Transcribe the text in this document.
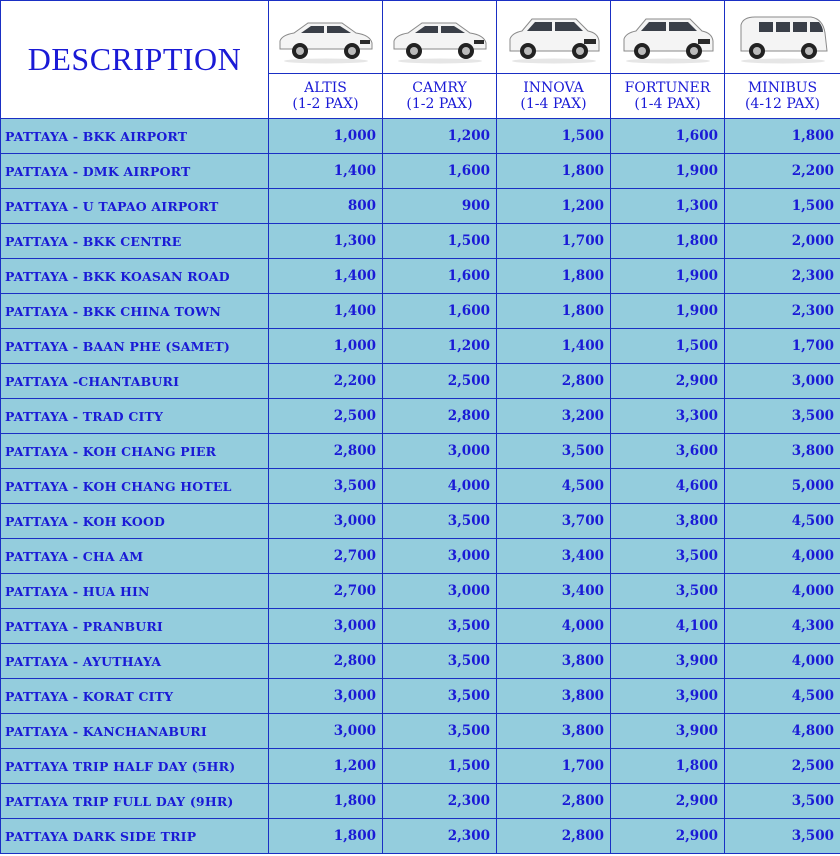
DESCRIPTION	

	ALTIS	CAMRY	INNOVA	FORTUNER	MINIBUS
	(1-2 PAX)	(1-2 PAX)	(1-4 PAX)	(1-4 PAX)	(4-12 PAX)
PATTAYA - BKK AIRPORT	1,000	1,200	1,500	1,600	1,800
PATTAYA - DMK AIRPORT	1,400	1,600	1,800	1,900	2,200
PATTAYA - U TAPAO AIRPORT	800	900	1,200	1,300	1,500
PATTAYA - BKK CENTRE	1,300	1,500	1,700	1,800	2,000
PATTAYA - BKK KOASAN ROAD	1,400	1,600	1,800	1,900	2,300
PATTAYA - BKK CHINA TOWN	1,400	1,600	1,800	1,900	2,300
PATTAYA - BAAN PHE (SAMET)	1,000	1,200	1,400	1,500	1,700
PATTAYA -CHANTABURI	2,200	2,500	2,800	2,900	3,000
PATTAYA - TRAD CITY	2,500	2,800	3,200	3,300	3,500
PATTAYA - KOH CHANG PIER	2,800	3,000	3,500	3,600	3,800
PATTAYA - KOH CHANG HOTEL	3,500	4,000	4,500	4,600	5,000
PATTAYA - KOH KOOD	3,000	3,500	3,700	3,800	4,500
PATTAYA - CHA AM	2,700	3,000	3,400	3,500	4,000
PATTAYA - HUA HIN	2,700	3,000	3,400	3,500	4,000
PATTAYA - PRANBURI	3,000	3,500	4,000	4,100	4,300
PATTAYA - AYUTHAYA	2,800	3,500	3,800	3,900	4,000
PATTAYA - KORAT CITY	3,000	3,500	3,800	3,900	4,500
PATTAYA - KANCHANABURI	3,000	3,500	3,800	3,900	4,800
PATTAYA TRIP HALF DAY (5HR)	1,200	1,500	1,700	1,800	2,500
PATTAYA TRIP FULL DAY (9HR)	1,800	2,300	2,800	2,900	3,500
PATTAYA DARK SIDE TRIP	1,800	2,300	2,800	2,900	3,500
